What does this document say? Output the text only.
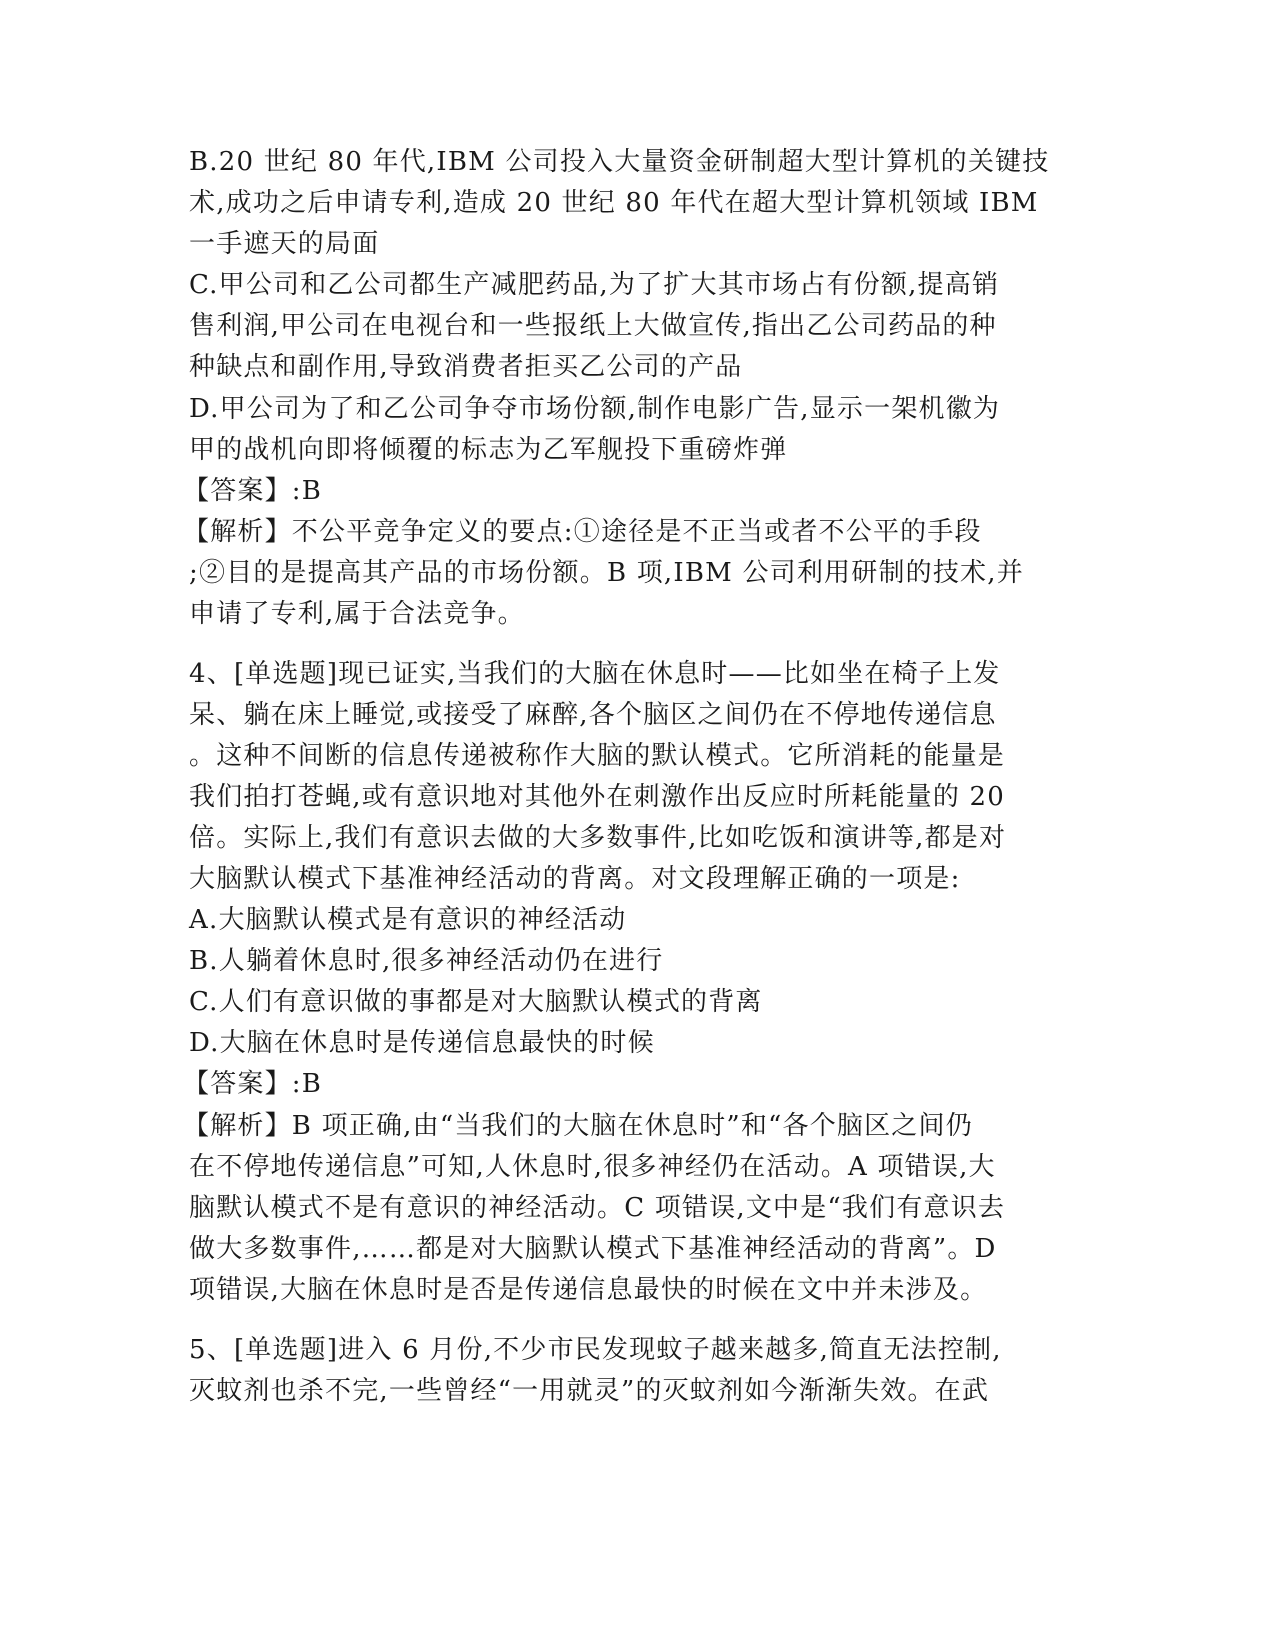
B.20 世纪 80 年代,IBM 公司投入大量资金研制超大型计算机的关键技
术,成功之后申请专利,造成 20 世纪 80 年代在超大型计算机领域 IBM
一手遮天的局面
C.甲公司和乙公司都生产减肥药品,为了扩大其市场占有份额,提高销
售利润,甲公司在电视台和一些报纸上大做宣传,指出乙公司药品的种
种缺点和副作用,导致消费者拒买乙公司的产品
D.甲公司为了和乙公司争夺市场份额,制作电影广告,显示一架机徽为
甲的战机向即将倾覆的标志为乙军舰投下重磅炸弹
【答案】:B
【解析】不公平竞争定义的要点:①途径是不正当或者不公平的手段
;②目的是提高其产品的市场份额。B 项,IBM 公司利用研制的技术,并
申请了专利,属于合法竞争。
4、[单选题]现已证实,当我们的大脑在休息时——比如坐在椅子上发
呆、躺在床上睡觉,或接受了麻醉,各个脑区之间仍在不停地传递信息
。这种不间断的信息传递被称作大脑的默认模式。它所消耗的能量是
我们拍打苍蝇,或有意识地对其他外在刺激作出反应时所耗能量的 20
倍。实际上,我们有意识去做的大多数事件,比如吃饭和演讲等,都是对
大脑默认模式下基准神经活动的背离。对文段理解正确的一项是:
A.大脑默认模式是有意识的神经活动
B.人躺着休息时,很多神经活动仍在进行
C.人们有意识做的事都是对大脑默认模式的背离
D.大脑在休息时是传递信息最快的时候
【答案】:B
【解析】B 项正确,由“当我们的大脑在休息时”和“各个脑区之间仍
在不停地传递信息”可知,人休息时,很多神经仍在活动。A 项错误,大
脑默认模式不是有意识的神经活动。C 项错误,文中是“我们有意识去
做大多数事件,……都是对大脑默认模式下基准神经活动的背离”。D
项错误,大脑在休息时是否是传递信息最快的时候在文中并未涉及。
5、[单选题]进入 6 月份,不少市民发现蚊子越来越多,简直无法控制,
灭蚊剂也杀不完,一些曾经“一用就灵”的灭蚊剂如今渐渐失效。在武
